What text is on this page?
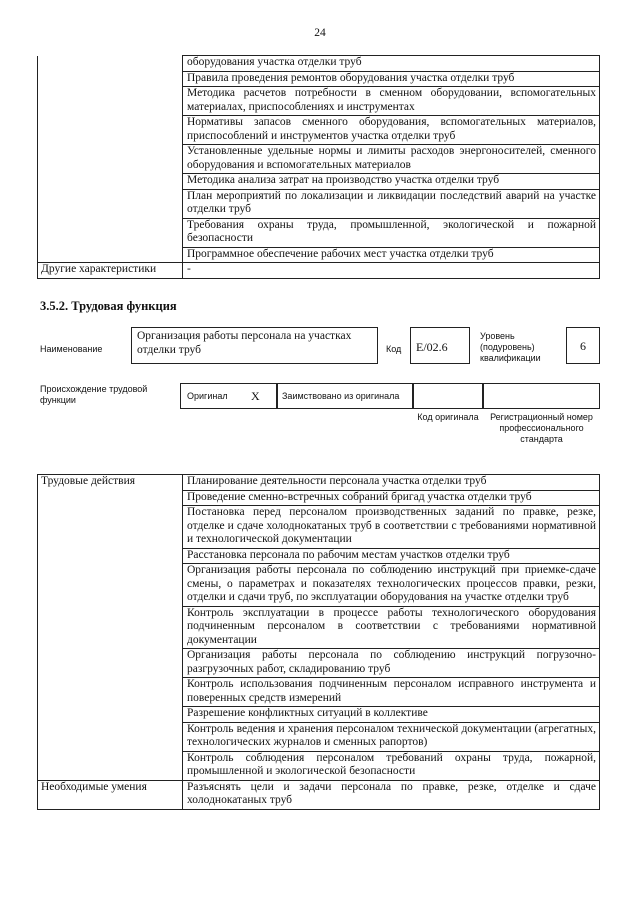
24
	оборудования участка отделки труб
	Правила проведения ремонтов оборудования участка отделки труб
	Методика расчетов потребности в сменном оборудовании, вспомогательных материалах, приспособлениях и инструментах
	Нормативы запасов сменного оборудования, вспомогательных материалов, приспособлений и инструментов участка отделки труб
	Установленные удельные нормы и лимиты расходов энергоносителей, сменного оборудования и вспомогательных материалов
	Методика анализа затрат на производство участка отделки труб
	План мероприятий по локализации и ликвидации последствий аварий на участке отделки труб
	Требования охраны труда, промышленной, экологической и пожарной безопасности
	Программное обеспечение рабочих мест участка отделки труб
Другие характеристики	-
3.5.2. Трудовая функция
Наименование
Организация работы персонала на участках отделки труб	Код	E/02.6
Уровень (подуровень) квалификации
6
Происхождение трудовой функции	Оригинал X	Заимствовано из оригинала
Код оригинала	Регистрационный номер профессионального стандарта
Трудовые действия	Планирование деятельности персонала участка отделки труб
	Проведение сменно-встречных собраний бригад участка отделки труб
	Постановка перед персоналом производственных заданий по правке, резке, отделке и сдаче холоднокатаных труб в соответствии с требованиями нормативной и технологической документации
	Расстановка персонала по рабочим местам участков отделки труб
	Организация работы персонала по соблюдению инструкций при приемке-сдаче смены, о параметрах и показателях технологических процессов правки, резки, отделки и сдачи труб, по эксплуатации оборудования на участке отделки труб
	Контроль эксплуатации в процессе работы технологического оборудования подчиненным персоналом в соответствии с требованиями нормативной документации
	Организация работы персонала по соблюдению инструкций погрузочно-разгрузочных работ, складированию труб
	Контроль использования подчиненным персоналом исправного инструмента и поверенных средств измерений
	Разрешение конфликтных ситуаций в коллективе
	Контроль ведения и хранения персоналом технической документации (агрегатных, технологических журналов и сменных рапортов)
	Контроль соблюдения персоналом требований охраны труда, пожарной, промышленной и экологической безопасности
Необходимые умения	Разъяснять цели и задачи персонала по правке, резке, отделке и сдаче холоднокатаных труб
